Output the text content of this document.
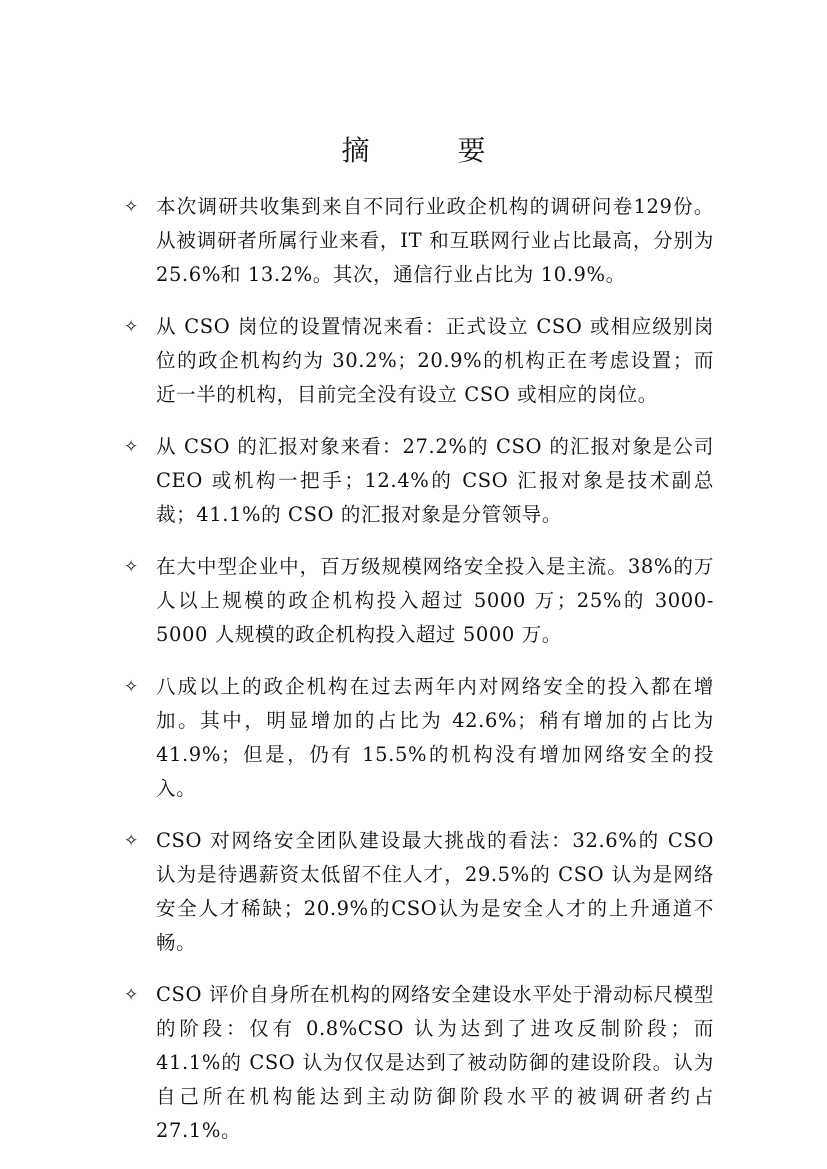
摘　要
✧ 本次调研共收集到来自不同行业政企机构的调研问卷129份。从被调研者所属行业来看，IT 和互联网行业占比最高，分别为 25.6%和 13.2%。其次，通信行业占比为 10.9%。
✧ 从 CSO 岗位的设置情况来看：正式设立 CSO 或相应级别岗位的政企机构约为 30.2%；20.9%的机构正在考虑设置；而近一半的机构，目前完全没有设立 CSO 或相应的岗位。
✧ 从 CSO 的汇报对象来看：27.2%的 CSO 的汇报对象是公司 CEO 或机构一把手；12.4%的 CSO 汇报对象是技术副总裁；41.1%的 CSO 的汇报对象是分管领导。
✧ 在大中型企业中，百万级规模网络安全投入是主流。38%的万人以上规模的政企机构投入超过 5000 万；25%的 3000-5000 人规模的政企机构投入超过 5000 万。
✧ 八成以上的政企机构在过去两年内对网络安全的投入都在增加。其中，明显增加的占比为 42.6%；稍有增加的占比为 41.9%；但是，仍有 15.5%的机构没有增加网络安全的投入。
✧ CSO 对网络安全团队建设最大挑战的看法：32.6%的 CSO 认为是待遇薪资太低留不住人才，29.5%的 CSO 认为是网络安全人才稀缺；20.9%的CSO认为是安全人才的上升通道不畅。
✧ CSO 评价自身所在机构的网络安全建设水平处于滑动标尺模型的阶段：仅有 0.8%CSO 认为达到了进攻反制阶段；而 41.1%的 CSO 认为仅仅是达到了被动防御的建设阶段。认为自己所在机构能达到主动防御阶段水平的被调研者约占 27.1%。
